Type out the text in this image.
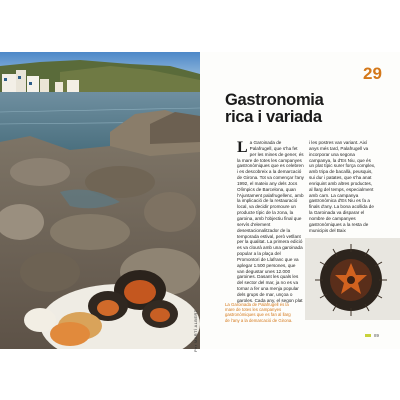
Per MARTÍ ALBERT
29
Gastronomia
rica i variada
La Garoinada de Palafrugell, que s'ha fet per les mines de gener, és la mare de totes les campanyes gastronòmiques que es celebren i es descobreix a la demarcació de Girona. Tot va començar l'any 1992, el mateix any dels Jocs Olímpics de Barcelona, quan l'Ajuntament palafrugellenc, amb la implicació de la restauració local, va decidir promoure un producte típic de la zona, la garoina, amb l'objectiu final que servís d'element desestacionalitzador de la temporada estival, però vetllant per la qualitat. La primera edició es va clourà amb una garoinada popular a la plaça del Promontori de Llafranc que va aplegar 1.500 persones, que van degustar unes 12.000 garoines. Dasant les quals les del sector del mar, ja no es va tornar a fer una menja popular dels grups de mar, unçoa o garoles. Cada any, el segon plat
i les postres van variant. Així anys més tard, Palafrugell va incorporar una segona campanya, la d'Es Niu, que és un plat típic surer força complex, amb tripa de bacallà, peusquis, sui dur i patates, que s'ha anat enriquint amb altres productes, al llarg del temps, especialment amb carn. La campanya gastronòmica d'Es Niu es fa a finals d'any. La bona acollida de la Garoinada va disparar el nombre de campanyes gastronòmiques a la resta de municipis del Baix
La Garoinada de Palafrugell és la mare de totes les campanyes gastronòmiques que es fan al llarg de l'any a la demarcació de Girona.
89
